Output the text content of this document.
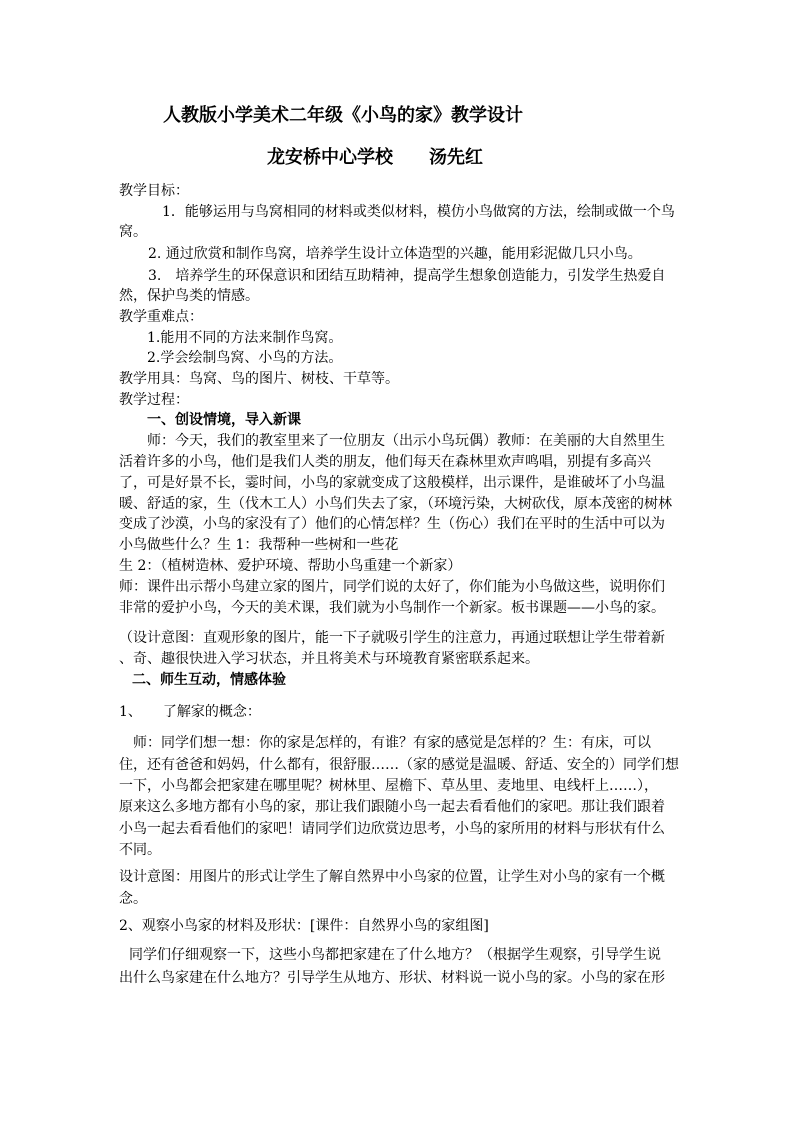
人教版小学美术二年级《小鸟的家》教学设计
龙安桥中心学校　　汤先红
教学目标：
1．能够运用与鸟窝相同的材料或类似材料，模仿小鸟做窝的方法，绘制或做一个鸟
窝。
2. 通过欣赏和制作鸟窝，培养学生设计立体造型的兴趣，能用彩泥做几只小鸟。
3.　培养学生的环保意识和团结互助精神，提高学生想象创造能力，引发学生热爱自
然，保护鸟类的情感。
教学重难点：
1.能用不同的方法来制作鸟窝。
2.学会绘制鸟窝、小鸟的方法。
教学用具：鸟窝、鸟的图片、树枝、干草等。
教学过程：
一、创设情境，导入新课
师：今天，我们的教室里来了一位朋友（出示小鸟玩偶）教师：在美丽的大自然里生
活着许多的小鸟，他们是我们人类的朋友，他们每天在森林里欢声鸣唱，别提有多高兴
了，可是好景不长，霎时间，小鸟的家就变成了这般模样，出示课件，是谁破坏了小鸟温
暖、舒适的家，生（伐木工人）小鸟们失去了家，（环境污染，大树砍伐，原本茂密的树林
变成了沙漠，小鸟的家没有了）他们的心情怎样？生（伤心）我们在平时的生活中可以为
小鸟做些什么？生 1：我帮种一些树和一些花
生 2：（植树造林、爱护环境、帮助小鸟重建一个新家）
师：课件出示帮小鸟建立家的图片，同学们说的太好了，你们能为小鸟做这些，说明你们
非常的爱护小鸟，今天的美术课，我们就为小鸟制作一个新家。板书课题——小鸟的家。
（设计意图：直观形象的图片，能一下子就吸引学生的注意力，再通过联想让学生带着新
、奇、趣很快进入学习状态，并且将美术与环境教育紧密联系起来。
二、师生互动，情感体验
1、　　了解家的概念：
师：同学们想一想：你的家是怎样的，有谁？有家的感觉是怎样的？生：有床，可以
住，还有爸爸和妈妈，什么都有，很舒服……（家的感觉是温暖、舒适、安全的）同学们想
一下，小鸟都会把家建在哪里呢？树林里、屋檐下、草丛里、麦地里、电线杆上……），
原来这么多地方都有小鸟的家，那让我们跟随小鸟一起去看看他们的家吧。那让我们跟着
小鸟一起去看看他们的家吧！请同学们边欣赏边思考，小鸟的家所用的材料与形状有什么
不同。
设计意图：用图片的形式让学生了解自然界中小鸟家的位置，让学生对小鸟的家有一个概
念。
2、观察小鸟家的材料及形状：[课件：自然界小鸟的家组图]
同学们仔细观察一下，这些小鸟都把家建在了什么地方？（根据学生观察，引导学生说
出什么鸟家建在什么地方？引导学生从地方、形状、材料说一说小鸟的家。小鸟的家在形
